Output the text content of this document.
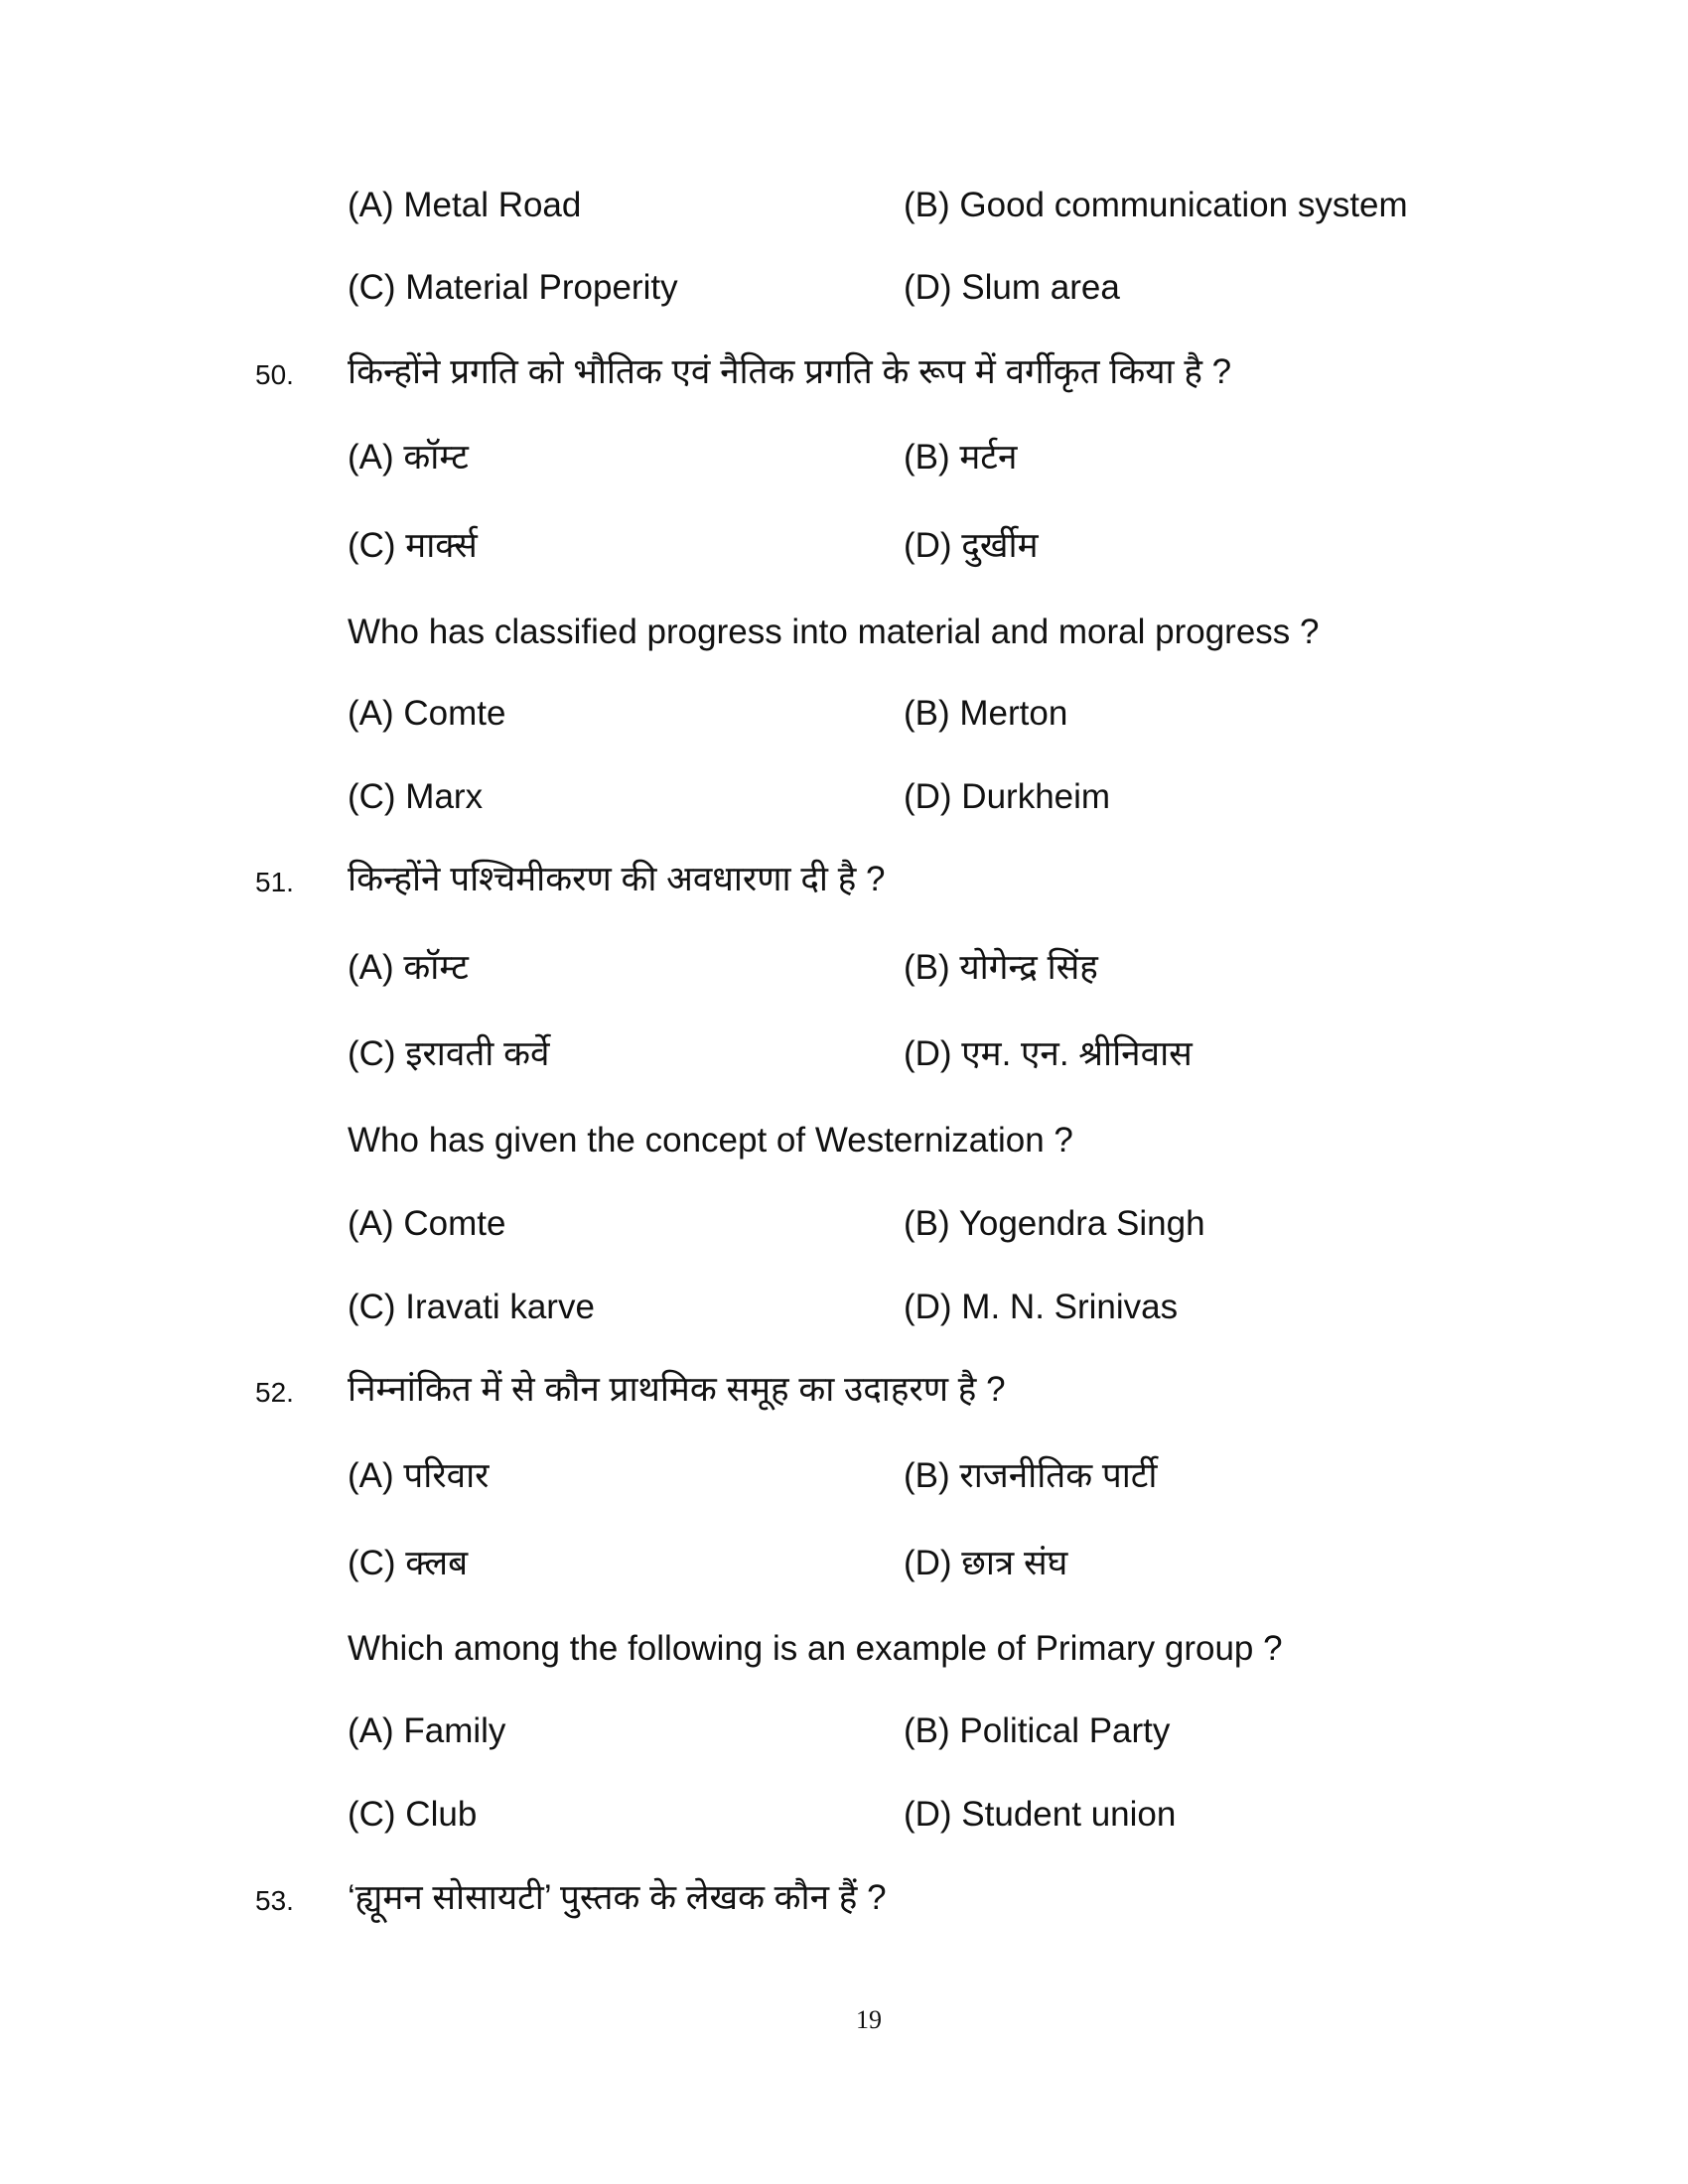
(A) Metal Road	(B) Good communication system
(C) Material Properity	(D) Slum area
50. किन्होंने प्रगति को भौतिक एवं नैतिक प्रगति के रूप में वर्गीकृत किया है ?
(A) कॉम्ट	(B) मर्टन
(C) मार्क्स	(D) दुर्खीम
Who has classified progress into material and moral progress ?
(A) Comte	(B) Merton
(C) Marx	(D) Durkheim
51. किन्होंने पश्चिमीकरण की अवधारणा दी है ?
(A) कॉम्ट	(B) योगेन्द्र सिंह
(C) इरावती कर्वे	(D) एम. एन. श्रीनिवास
Who has given the concept of Westernization ?
(A) Comte	(B) Yogendra Singh
(C) Iravati karve	(D) M. N. Srinivas
52. निम्नांकित में से कौन प्राथमिक समूह का उदाहरण है ?
(A) परिवार	(B) राजनीतिक पार्टी
(C) क्लब	(D) छात्र संघ
Which among the following is an example of Primary group ?
(A) Family	(B) Political Party
(C) Club	(D) Student union
53. ‘ह्यूमन सोसायटी’ पुस्तक के लेखक कौन हैं ?
19
